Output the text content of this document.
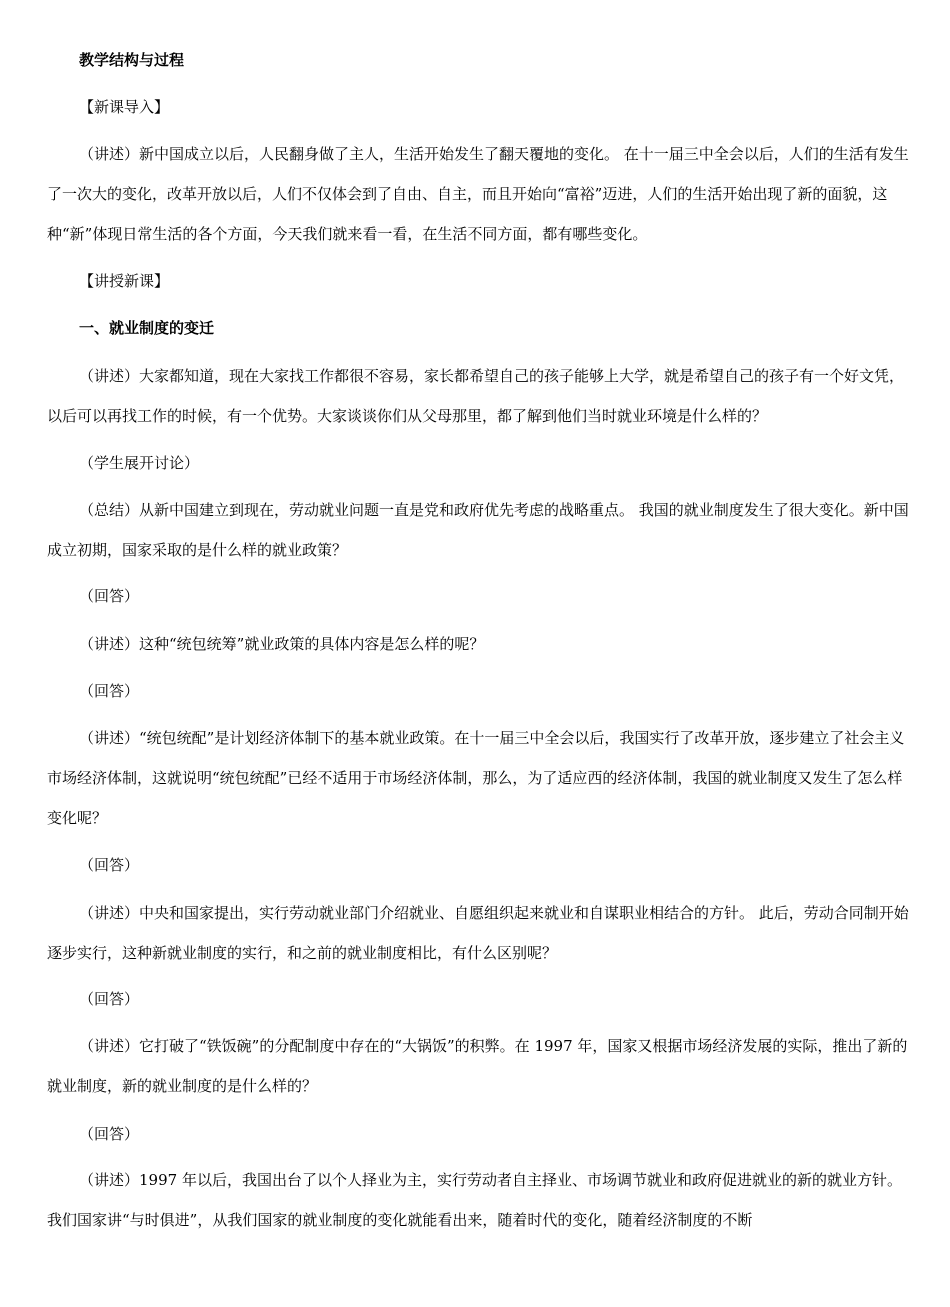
教学结构与过程

【新课导入】

（讲述）新中国成立以后，人民翻身做了主人，生活开始发生了翻天覆地的变化。 在十一届三中全会以后，人们的生活有发生了一次大的变化，改革开放以后，人们不仅体会到了自由、自主，而且开始向“富裕”迈进，人们的生活开始出现了新的面貌，这种“新”体现日常生活的各个方面，今天我们就来看一看，在生活不同方面，都有哪些变化。

【讲授新课】

一、就业制度的变迁

（讲述）大家都知道，现在大家找工作都很不容易，家长都希望自己的孩子能够上大学，就是希望自己的孩子有一个好文凭，以后可以再找工作的时候，有一个优势。大家谈谈你们从父母那里，都了解到他们当时就业环境是什么样的？

（学生展开讨论）

（总结）从新中国建立到现在，劳动就业问题一直是党和政府优先考虑的战略重点。 我国的就业制度发生了很大变化。新中国成立初期，国家采取的是什么样的就业政策？

（回答）

（讲述）这种“统包统筹”就业政策的具体内容是怎么样的呢？

（回答）

（讲述）“统包统配”是计划经济体制下的基本就业政策。在十一届三中全会以后，我国实行了改革开放，逐步建立了社会主义市场经济体制，这就说明“统包统配”已经不适用于市场经济体制，那么，为了适应西的经济体制，我国的就业制度又发生了怎么样变化呢？

（回答）

（讲述）中央和国家提出，实行劳动就业部门介绍就业、自愿组织起来就业和自谋职业相结合的方针。 此后，劳动合同制开始逐步实行，这种新就业制度的实行，和之前的就业制度相比，有什么区别呢？

（回答）

（讲述）它打破了“铁饭碗”的分配制度中存在的“大锅饭”的积弊。在 1997 年，国家又根据市场经济发展的实际，推出了新的就业制度，新的就业制度的是什么样的？

（回答）

（讲述）1997 年以后，我国出台了以个人择业为主，实行劳动者自主择业、市场调节就业和政府促进就业的新的就业方针。我们国家讲“与时俱进”，从我们国家的就业制度的变化就能看出来，随着时代的变化，随着经济制度的不断
